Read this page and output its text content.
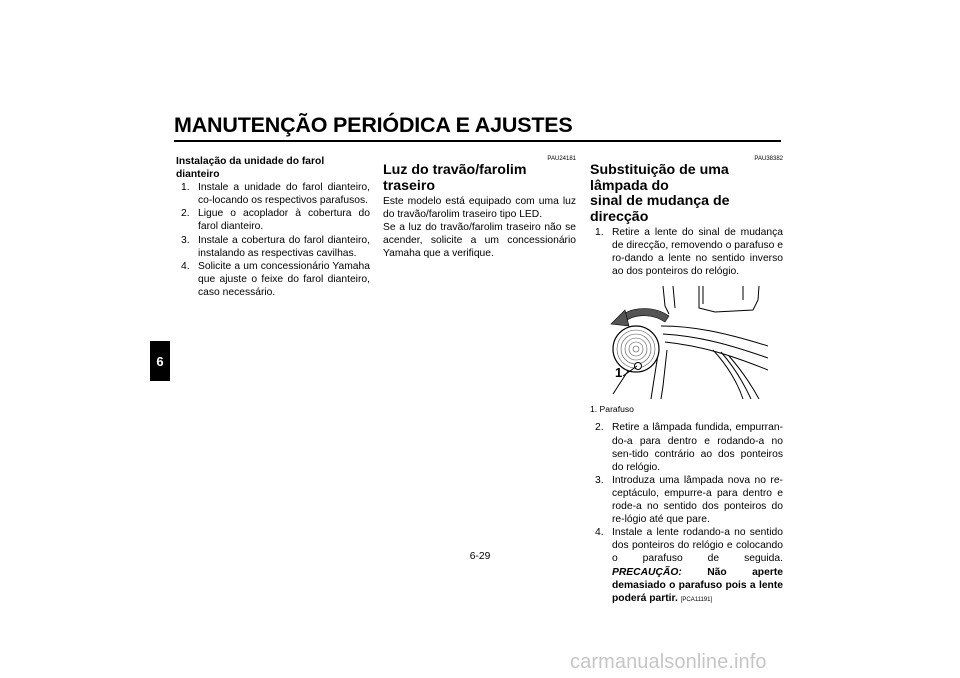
MANUTENÇÃO PERIÓDICA E AJUSTES
6

Instalação da unidade do farol dianteiro

1. Instale a unidade do farol dianteiro, co-locando os respectivos parafusos.
2. Ligue o acoplador à cobertura do farol dianteiro.
3. Instale a cobertura do farol dianteiro, instalando as respectivas cavilhas.
4. Solicite a um concessionário Yamaha que ajuste o feixe do farol dianteiro, caso necessário.
PAU24181
Luz do travão/farolim traseiro

Este modelo está equipado com uma luz do travão/farolim traseiro tipo LED.

Se a luz do travão/farolim traseiro não se acender, solicite a um concessionário Yamaha que a verifique.

PAU38382
Substituição de uma lâmpada do
sinal de mudança de direcção
1. Retire a lente do sinal de mudança de direcção, removendo o parafuso e ro-dando a lente no sentido inverso ao dos ponteiros do relógio.
1
1. Parafuso
2. Retire a lâmpada fundida, empurran-do-a para dentro e rodando-a no sen-tido contrário ao dos ponteiros do relógio.
3. Introduza uma lâmpada nova no re-ceptáculo, empurre-a para dentro e rode-a no sentido dos ponteiros do re-lógio até que pare.
4. Instale a lente rodando-a no sentido dos ponteiros do relógio e colocando o parafuso de seguida. PRECAUÇÃO: Não aperte demasiado o parafuso pois a lente poderá partir. [PCA11191]
6-29
carmanualsonline.info
